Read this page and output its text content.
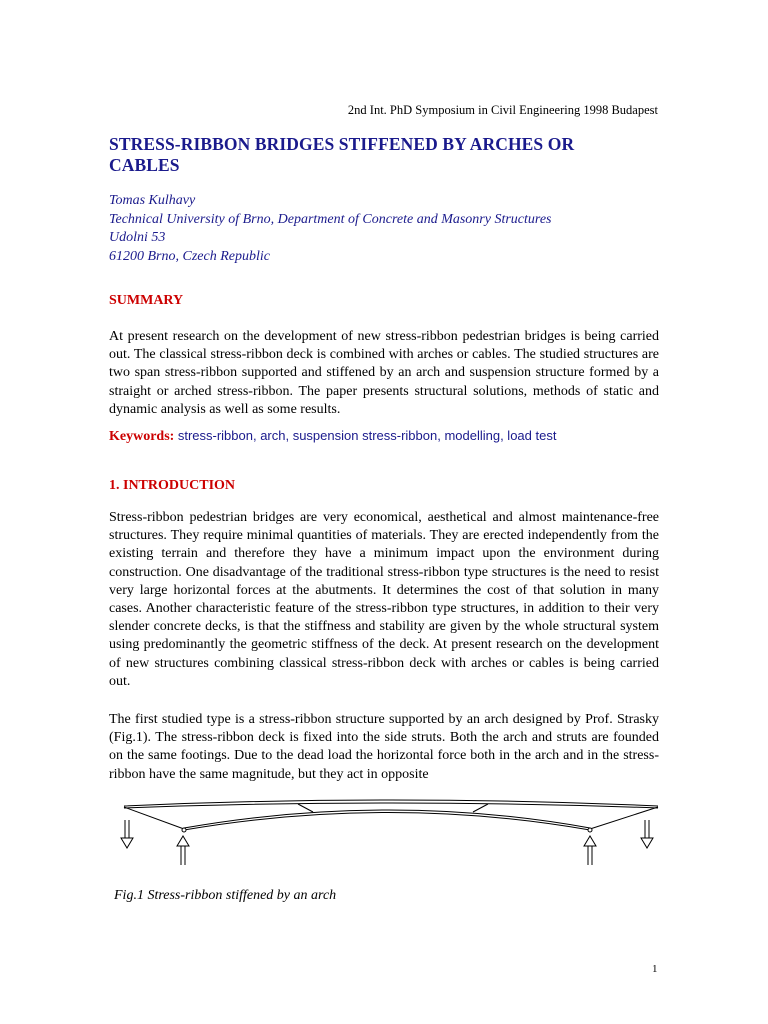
2nd Int. PhD Symposium in Civil Engineering 1998 Budapest
STRESS-RIBBON BRIDGES STIFFENED BY ARCHES OR
CABLES
Tomas Kulhavy
Technical University of Brno, Department of Concrete and Masonry Structures
Udolni 53
61200 Brno, Czech Republic
SUMMARY
At present research on the development of new stress-ribbon pedestrian bridges is being carried out. The classical stress-ribbon deck is combined with arches or cables. The studied structures are two span stress-ribbon supported and stiffened by an arch and suspension structure formed by a straight or arched stress-ribbon. The paper presents structural solutions, methods of static and dynamic analysis as well as some results.
Keywords: stress-ribbon, arch, suspension stress-ribbon, modelling, load test
1. INTRODUCTION
Stress-ribbon pedestrian bridges are very economical, aesthetical and almost maintenance-free structures. They require minimal quantities of materials. They are erected independently from the existing terrain and therefore they have a minimum impact upon the environment during construction. One disadvantage of the traditional stress-ribbon type structures is the need to resist very large horizontal forces at the abutments. It determines the cost of that solution in many cases. Another characteristic feature of the stress-ribbon type structures, in addition to their very slender concrete decks, is that the stiffness and stability are given by the whole structural system using predominantly the geometric stiffness of the deck. At present research on the development of new structures combining classical stress-ribbon deck with arches or cables is being carried out.
The first studied type is a stress-ribbon structure supported by an arch designed by Prof. Strasky (Fig.1). The stress-ribbon deck is fixed into the side struts. Both the arch and struts are founded on the same footings. Due to the dead load the horizontal force both in the arch and in the stress-ribbon have the same magnitude, but they act in opposite
Fig.1 Stress-ribbon stiffened by an arch
1
